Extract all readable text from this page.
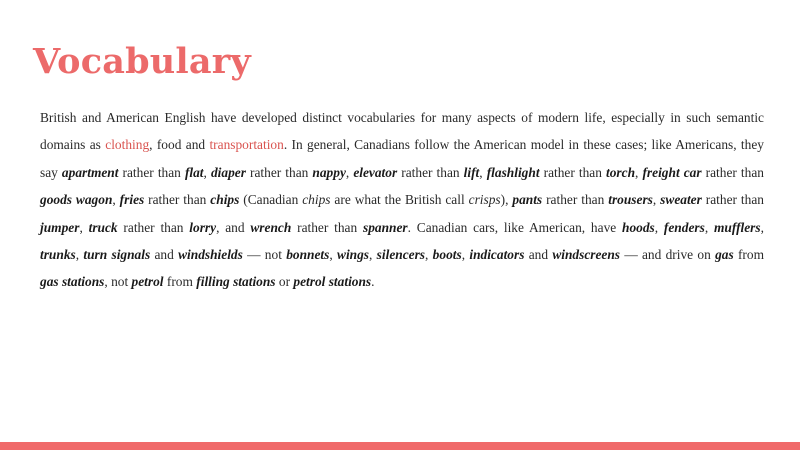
Vocabulary

British and American English have developed distinct vocabularies for many aspects of modern life, especially in such semantic domains as clothing, food and transportation. In general, Canadians follow the American model in these cases; like Americans, they say apartment rather than flat, diaper rather than nappy, elevator rather than lift, flashlight rather than torch, freight car rather than goods wagon, fries rather than chips (Canadian chips are what the British call crisps), pants rather than trousers, sweater rather than jumper, truck rather than lorry, and wrench rather than spanner. Canadian cars, like American, have hoods, fenders, mufflers, trunks, turn signals and windshields — not bonnets, wings, silencers, boots, indicators and windscreens — and drive on gas from gas stations, not petrol from filling stations or petrol stations.
